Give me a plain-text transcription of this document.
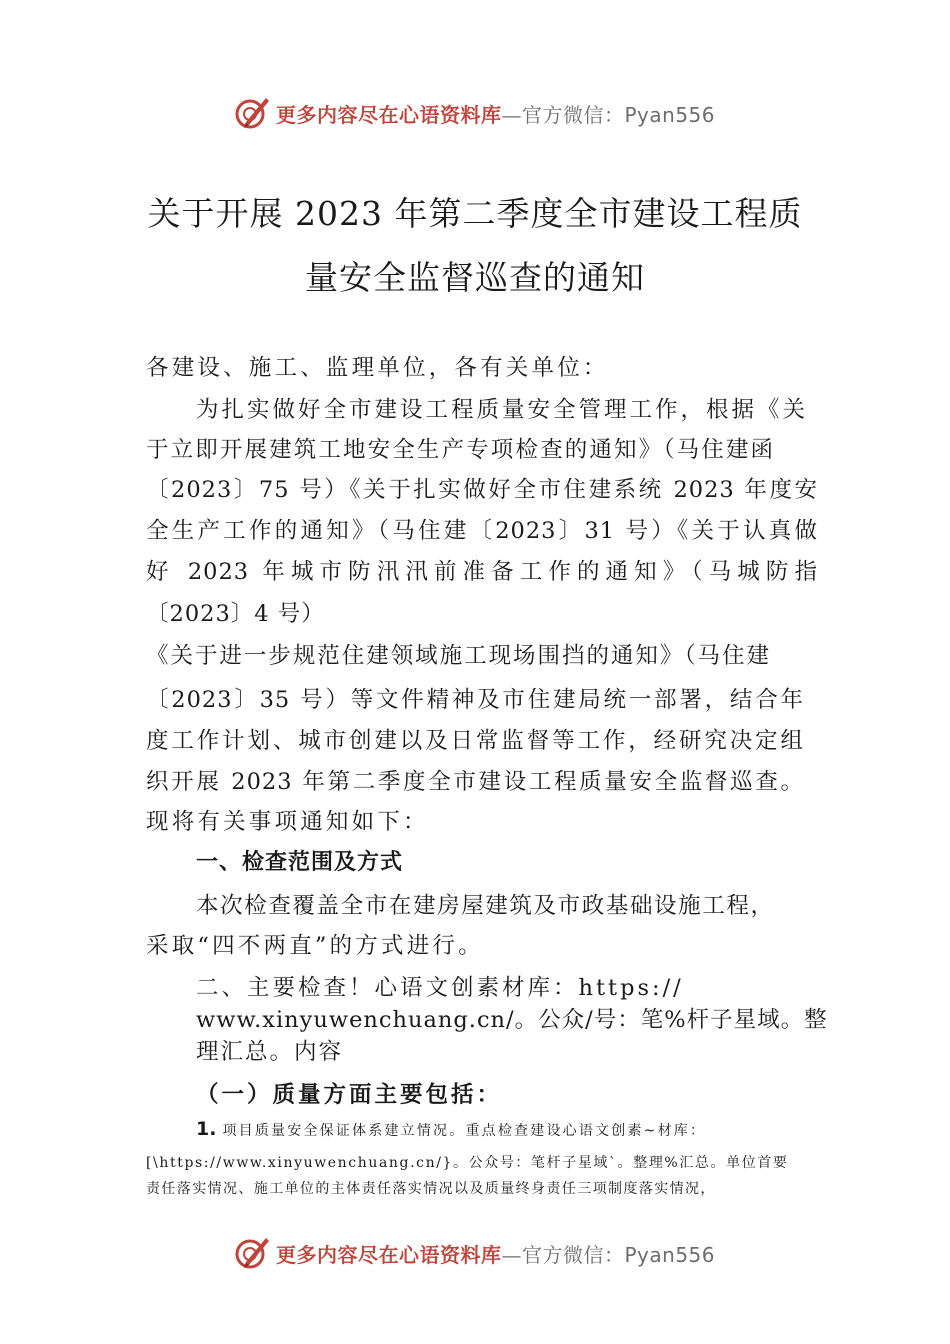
更多内容尽在心语资料库—官方微信：Pyan556
关于开展 2023 年第二季度全市建设工程质
量安全监督巡查的通知
各建设、施工、监理单位，各有关单位：
为扎实做好全市建设工程质量安全管理工作，根据《关
于立即开展建筑工地安全生产专项检查的通知》（马住建函
〔2023〕75 号）《关于扎实做好全市住建系统 2023 年度安
全生产工作的通知》（马住建〔2023〕31 号）《关于认真做
好 2023 年城市防汛汛前准备工作的通知》（马城防指
〔2023〕4 号）
《关于进一步规范住建领域施工现场围挡的通知》（马住建
〔2023〕35 号）等文件精神及市住建局统一部署，结合年
度工作计划、城市创建以及日常监督等工作，经研究决定组
织开展 2023 年第二季度全市建设工程质量安全监督巡查。
现将有关事项通知如下：
一、检查范围及方式
本次检查覆盖全市在建房屋建筑及市政基础设施工程，
采取“四不两直”的方式进行。
二、主要检查！心语文创素材库：https://
www.xinyuwenchuang.cn/。公众/号：笔%杆子星域。整
理汇总。内容
（一）质量方面主要包括：
1. 项目质量安全保证体系建立情况。重点检查建设心语文创素~材库：
[\https://www.xinyuwenchuang.cn/}。公众号：笔杆子星域`。整理%汇总。单位首要
责任落实情况、施工单位的主体责任落实情况以及质量终身责任三项制度落实情况，
更多内容尽在心语资料库—官方微信：Pyan556
